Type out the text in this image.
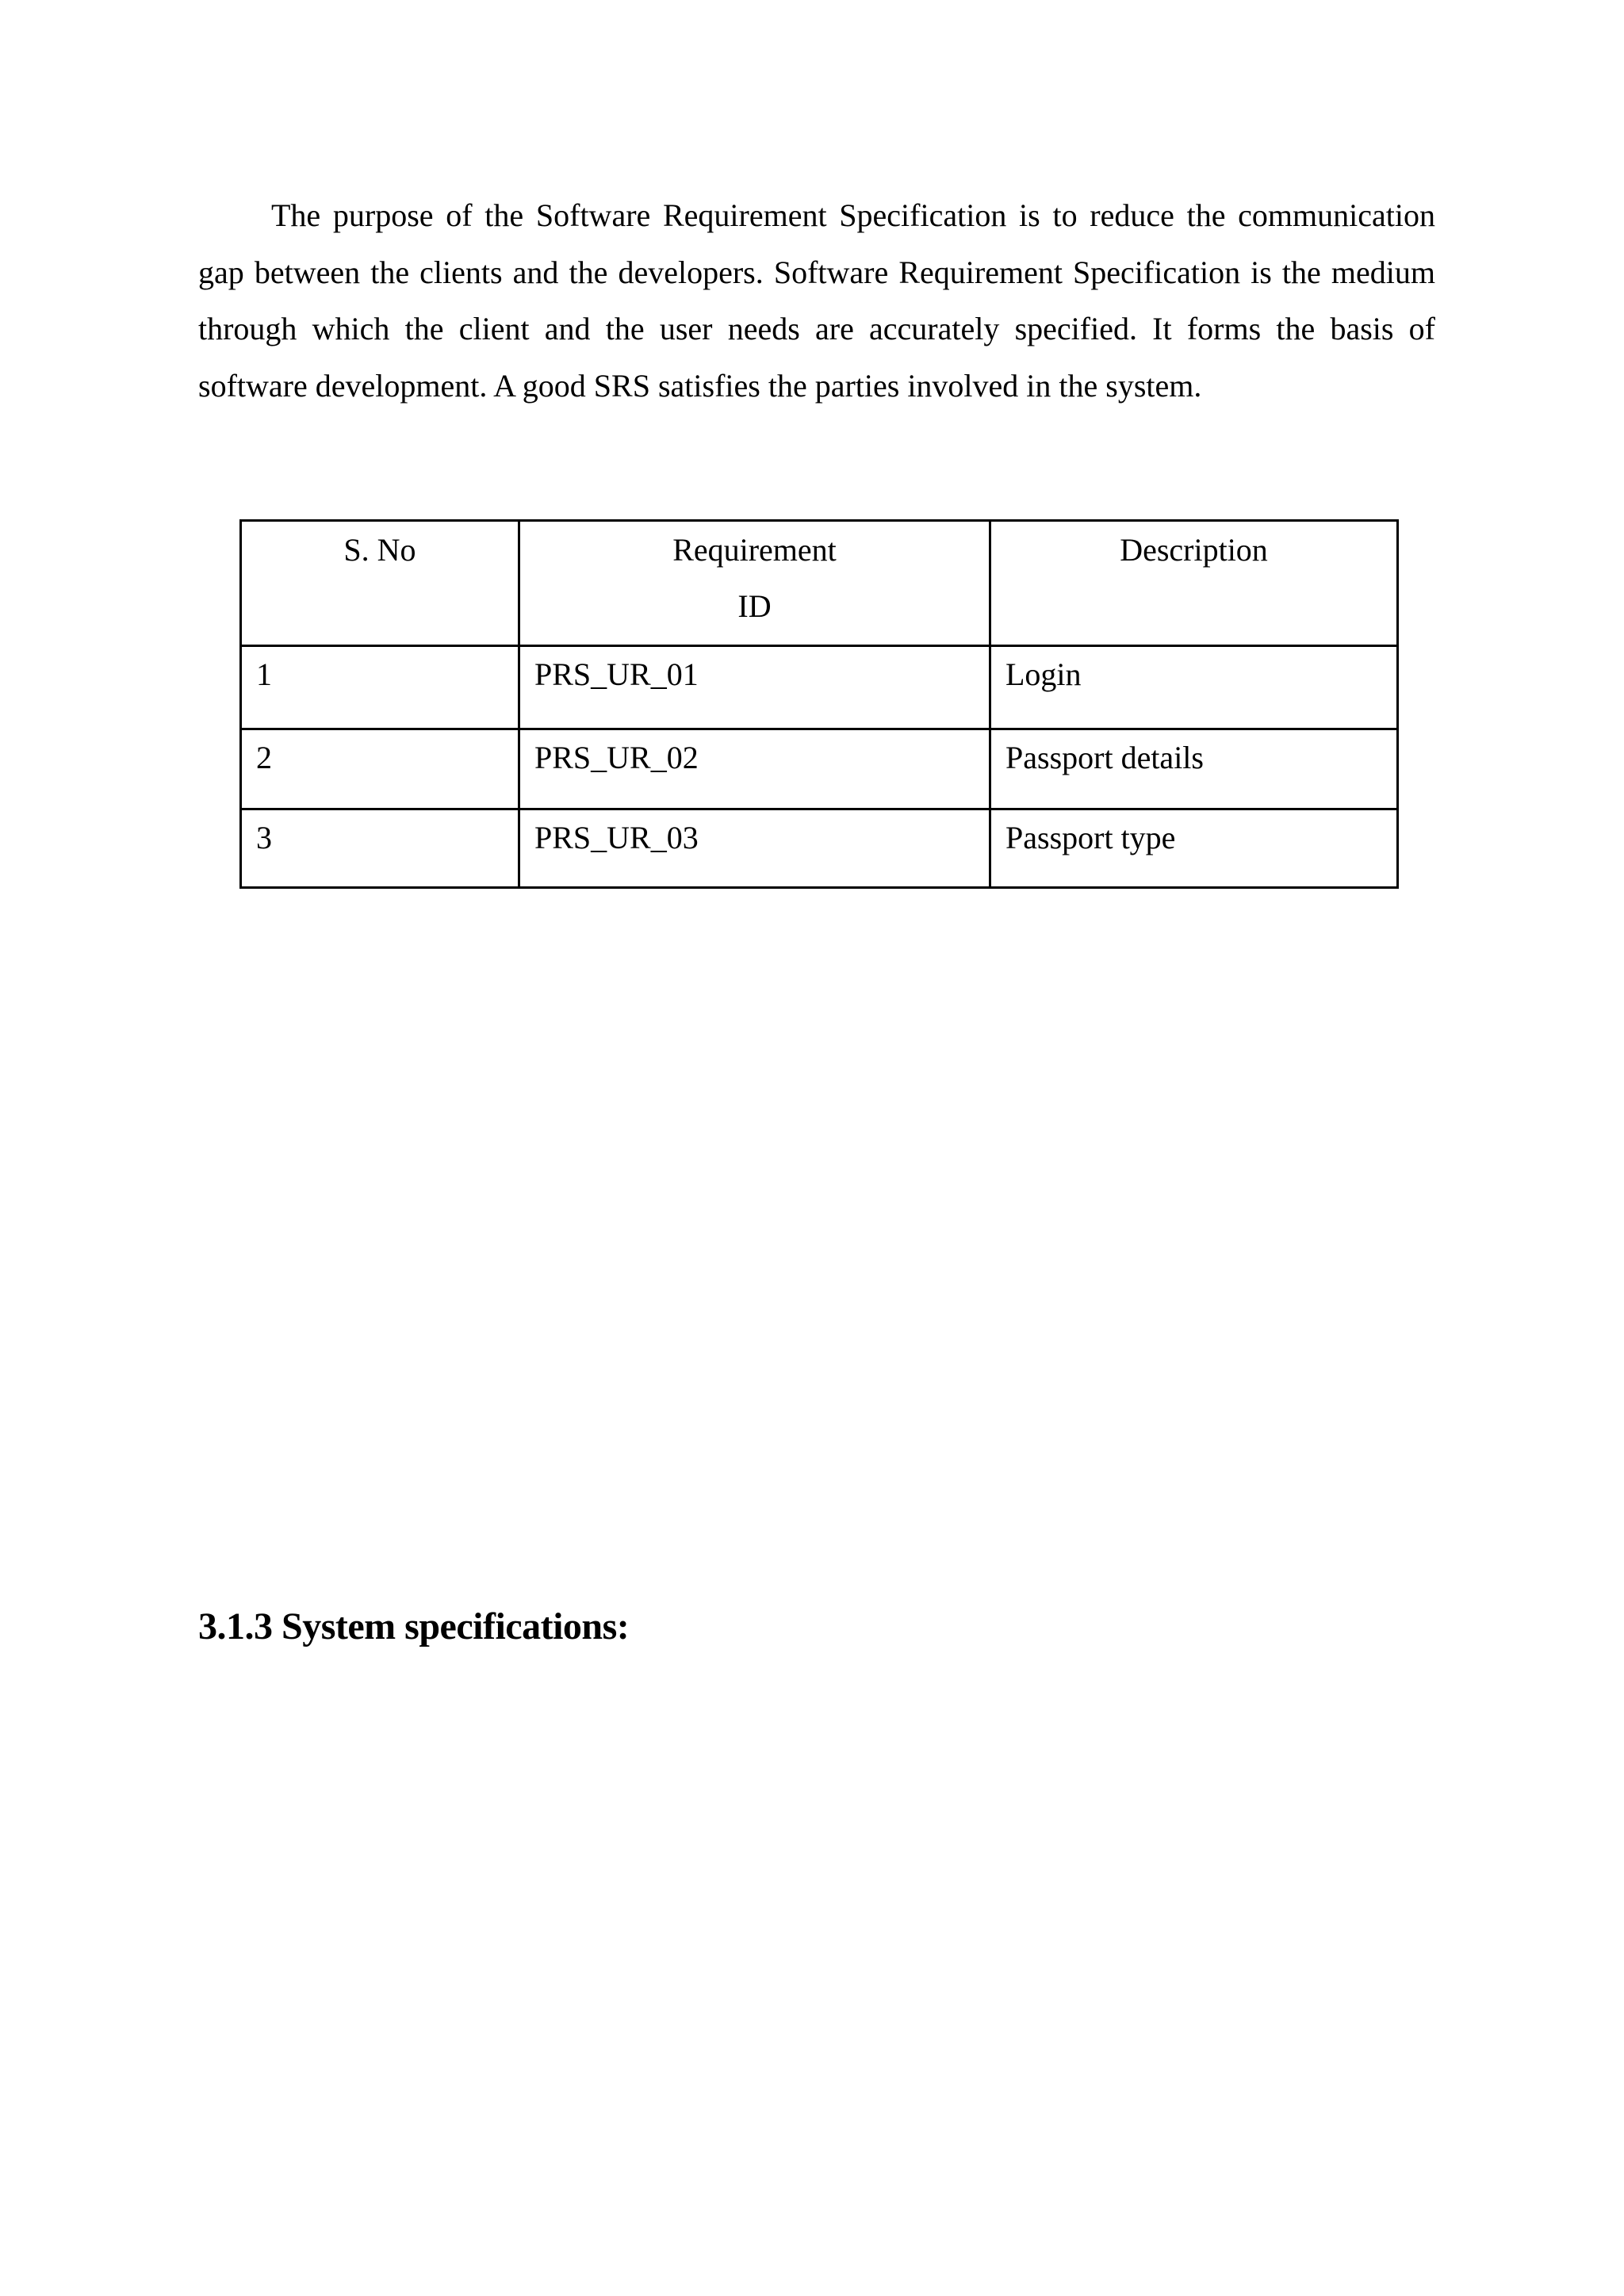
The purpose of the Software Requirement Specification is to reduce the communication gap between the clients and the developers. Software Requirement Specification is the medium through which the client and the user needs are accurately specified. It forms the basis of software development. A good SRS satisfies the parties involved in the system.

S. No	Requirement ID	Description

1	PRS_UR_01	Login
2	PRS_UR_02	Passport details
3	PRS_UR_03	Passport type
3.1.3 System specifications:
